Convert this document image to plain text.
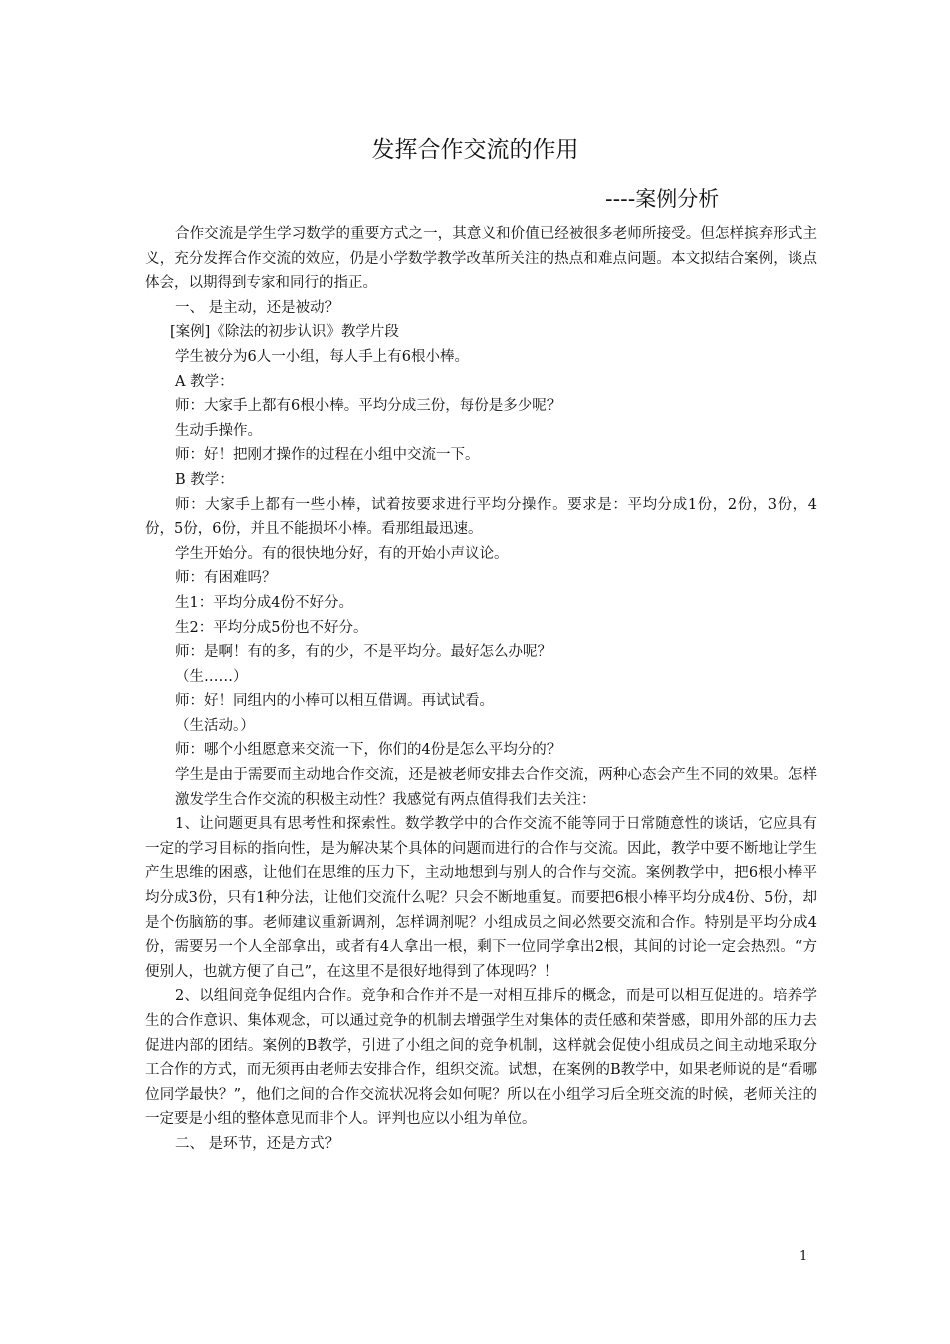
发挥合作交流的作用
----案例分析

合作交流是学生学习数学的重要方式之一，其意义和价值已经被很多老师所接受。但怎样摈弃形式主义，充分发挥合作交流的效应，仍是小学数学教学改革所关注的热点和难点问题。本文拟结合案例，谈点体会，以期得到专家和同行的指正。

一、 是主动，还是被动？

[案例]《除法的初步认识》教学片段

学生被分为6人一小组，每人手上有6根小棒。

A 教学：

师：大家手上都有6根小棒。平均分成三份，每份是多少呢？

生动手操作。

师：好！把刚才操作的过程在小组中交流一下。

B 教学：

师：大家手上都有一些小棒，试着按要求进行平均分操作。要求是：平均分成1份，2份，3份，4份，5份，6份，并且不能损坏小棒。看那组最迅速。

学生开始分。有的很快地分好，有的开始小声议论。

师：有困难吗？

生1：平均分成4份不好分。

生2：平均分成5份也不好分。

师：是啊！有的多，有的少，不是平均分。最好怎么办呢？

（生……）

师：好！同组内的小棒可以相互借调。再试试看。

（生活动。）

师：哪个小组愿意来交流一下，你们的4份是怎么平均分的？

学生是由于需要而主动地合作交流，还是被老师安排去合作交流，两种心态会产生不同的效果。怎样激发学生合作交流的积极主动性？我感觉有两点值得我们去关注：

1、让问题更具有思考性和探索性。数学教学中的合作交流不能等同于日常随意性的谈话，它应具有一定的学习目标的指向性，是为解决某个具体的问题而进行的合作与交流。因此，教学中要不断地让学生产生思维的困惑，让他们在思维的压力下，主动地想到与别人的合作与交流。案例教学中，把6根小棒平均分成3份，只有1种分法，让他们交流什么呢？只会不断地重复。而要把6根小棒平均分成4份、5份，却是个伤脑筋的事。老师建议重新调剂，怎样调剂呢？小组成员之间必然要交流和合作。特别是平均分成4份，需要另一个人全部拿出，或者有4人拿出一根，剩下一位同学拿出2根，其间的讨论一定会热烈。“方便别人，也就方便了自己”，在这里不是很好地得到了体现吗？！

2、以组间竞争促组内合作。竞争和合作并不是一对相互排斥的概念，而是可以相互促进的。培养学生的合作意识、集体观念，可以通过竞争的机制去增强学生对集体的责任感和荣誉感，即用外部的压力去促进内部的团结。案例的B教学，引进了小组之间的竞争机制，这样就会促使小组成员之间主动地采取分工合作的方式，而无须再由老师去安排合作，组织交流。试想，在案例的B教学中，如果老师说的是“看哪位同学最快？”，他们之间的合作交流状况将会如何呢？所以在小组学习后全班交流的时候，老师关注的一定要是小组的整体意见而非个人。评判也应以小组为单位。

二、 是环节，还是方式？

1
